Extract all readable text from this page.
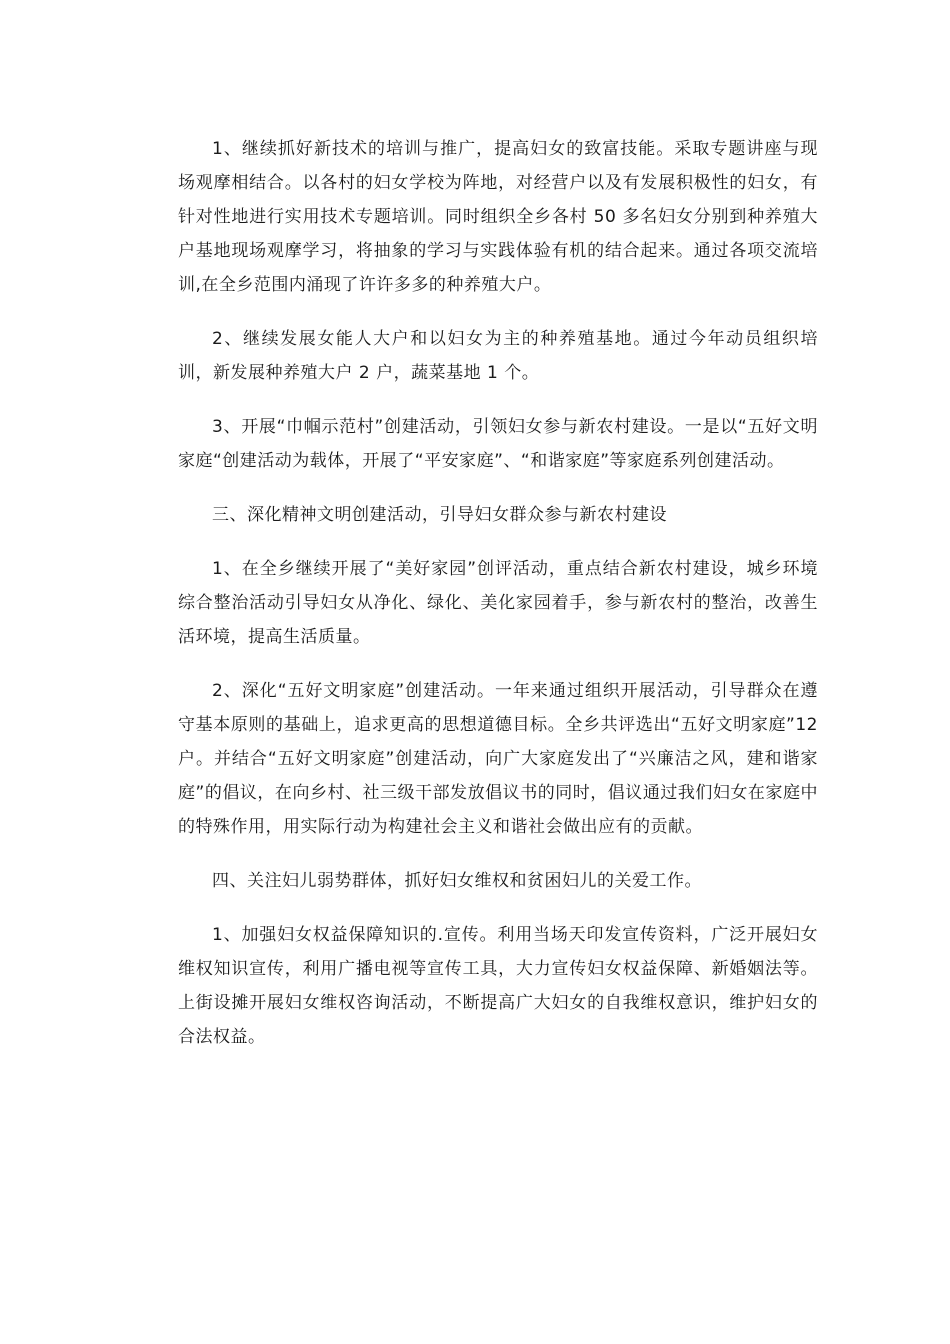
1、继续抓好新技术的培训与推广，提高妇女的致富技能。采取专题讲座与现场观摩相结合。以各村的妇女学校为阵地，对经营户以及有发展积极性的妇女，有针对性地进行实用技术专题培训。同时组织全乡各村 50 多名妇女分别到种养殖大户基地现场观摩学习，将抽象的学习与实践体验有机的结合起来。通过各项交流培训,在全乡范围内涌现了许许多多的种养殖大户。

2、继续发展女能人大户和以妇女为主的种养殖基地。通过今年动员组织培训，新发展种养殖大户 2 户，蔬菜基地 1 个。

3、开展“巾帼示范村”创建活动，引领妇女参与新农村建设。一是以“五好文明家庭“创建活动为载体，开展了“平安家庭”、“和谐家庭”等家庭系列创建活动。

三、深化精神文明创建活动，引导妇女群众参与新农村建设

1、在全乡继续开展了“美好家园”创评活动，重点结合新农村建设，城乡环境综合整治活动引导妇女从净化、绿化、美化家园着手，参与新农村的整治，改善生活环境，提高生活质量。

2、深化“五好文明家庭”创建活动。一年来通过组织开展活动，引导群众在遵守基本原则的基础上，追求更高的思想道德目标。全乡共评选出“五好文明家庭”12 户。并结合“五好文明家庭”创建活动，向广大家庭发出了“兴廉洁之风，建和谐家庭”的倡议，在向乡村、社三级干部发放倡议书的同时，倡议通过我们妇女在家庭中的特殊作用，用实际行动为构建社会主义和谐社会做出应有的贡献。

四、关注妇儿弱势群体，抓好妇女维权和贫困妇儿的关爱工作。

1、加强妇女权益保障知识的.宣传。利用当场天印发宣传资料，广泛开展妇女维权知识宣传，利用广播电视等宣传工具，大力宣传妇女权益保障、新婚姻法等。上街设摊开展妇女维权咨询活动，不断提高广大妇女的自我维权意识，维护妇女的合法权益。
